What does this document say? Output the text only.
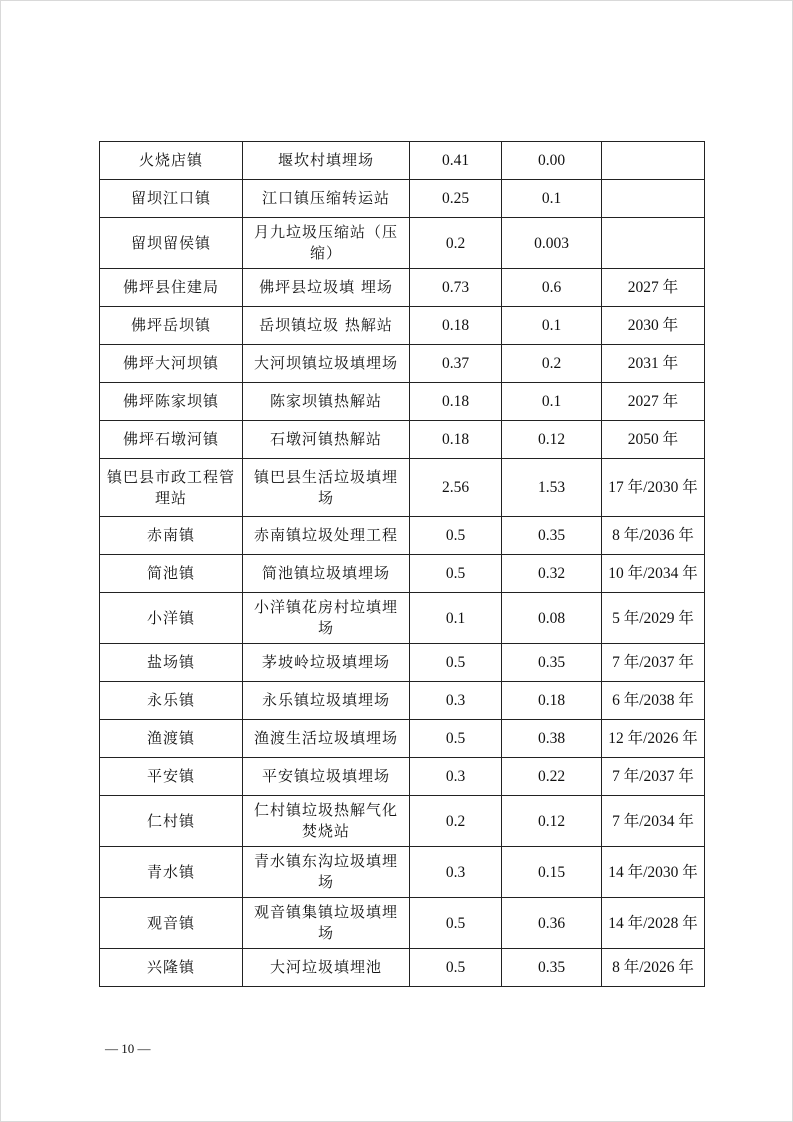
火烧店镇	堰坎村填埋场	0.41	0.00	
留坝江口镇	江口镇压缩转运站	0.25	0.1	
留坝留侯镇	月九垃圾压缩站（压缩）	0.2	0.003	
佛坪县住建局	佛坪县垃圾填 埋场	0.73	0.6	2027 年
佛坪岳坝镇	岳坝镇垃圾 热解站	0.18	0.1	2030 年
佛坪大河坝镇	大河坝镇垃圾填埋场	0.37	0.2	2031 年
佛坪陈家坝镇	陈家坝镇热解站	0.18	0.1	2027 年
佛坪石墩河镇	石墩河镇热解站	0.18	0.12	2050 年
镇巴县市政工程管理站	镇巴县生活垃圾填埋场	2.56	1.53	17 年/2030 年
赤南镇	赤南镇垃圾处理工程	0.5	0.35	8 年/2036 年
简池镇	简池镇垃圾填埋场	0.5	0.32	10 年/2034 年
小洋镇	小洋镇花房村垃填埋场	0.1	0.08	5 年/2029 年
盐场镇	茅坡岭垃圾填埋场	0.5	0.35	7 年/2037 年
永乐镇	永乐镇垃圾填埋场	0.3	0.18	6 年/2038 年
渔渡镇	渔渡生活垃圾填埋场	0.5	0.38	12 年/2026 年
平安镇	平安镇垃圾填埋场	0.3	0.22	7 年/2037 年
仁村镇	仁村镇垃圾热解气化焚烧站	0.2	0.12	7 年/2034 年
青水镇	青水镇东沟垃圾填埋场	0.3	0.15	14 年/2030 年
观音镇	观音镇集镇垃圾填埋场	0.5	0.36	14 年/2028 年
兴隆镇	大河垃圾填埋池	0.5	0.35	8 年/2026 年
— 10 —
